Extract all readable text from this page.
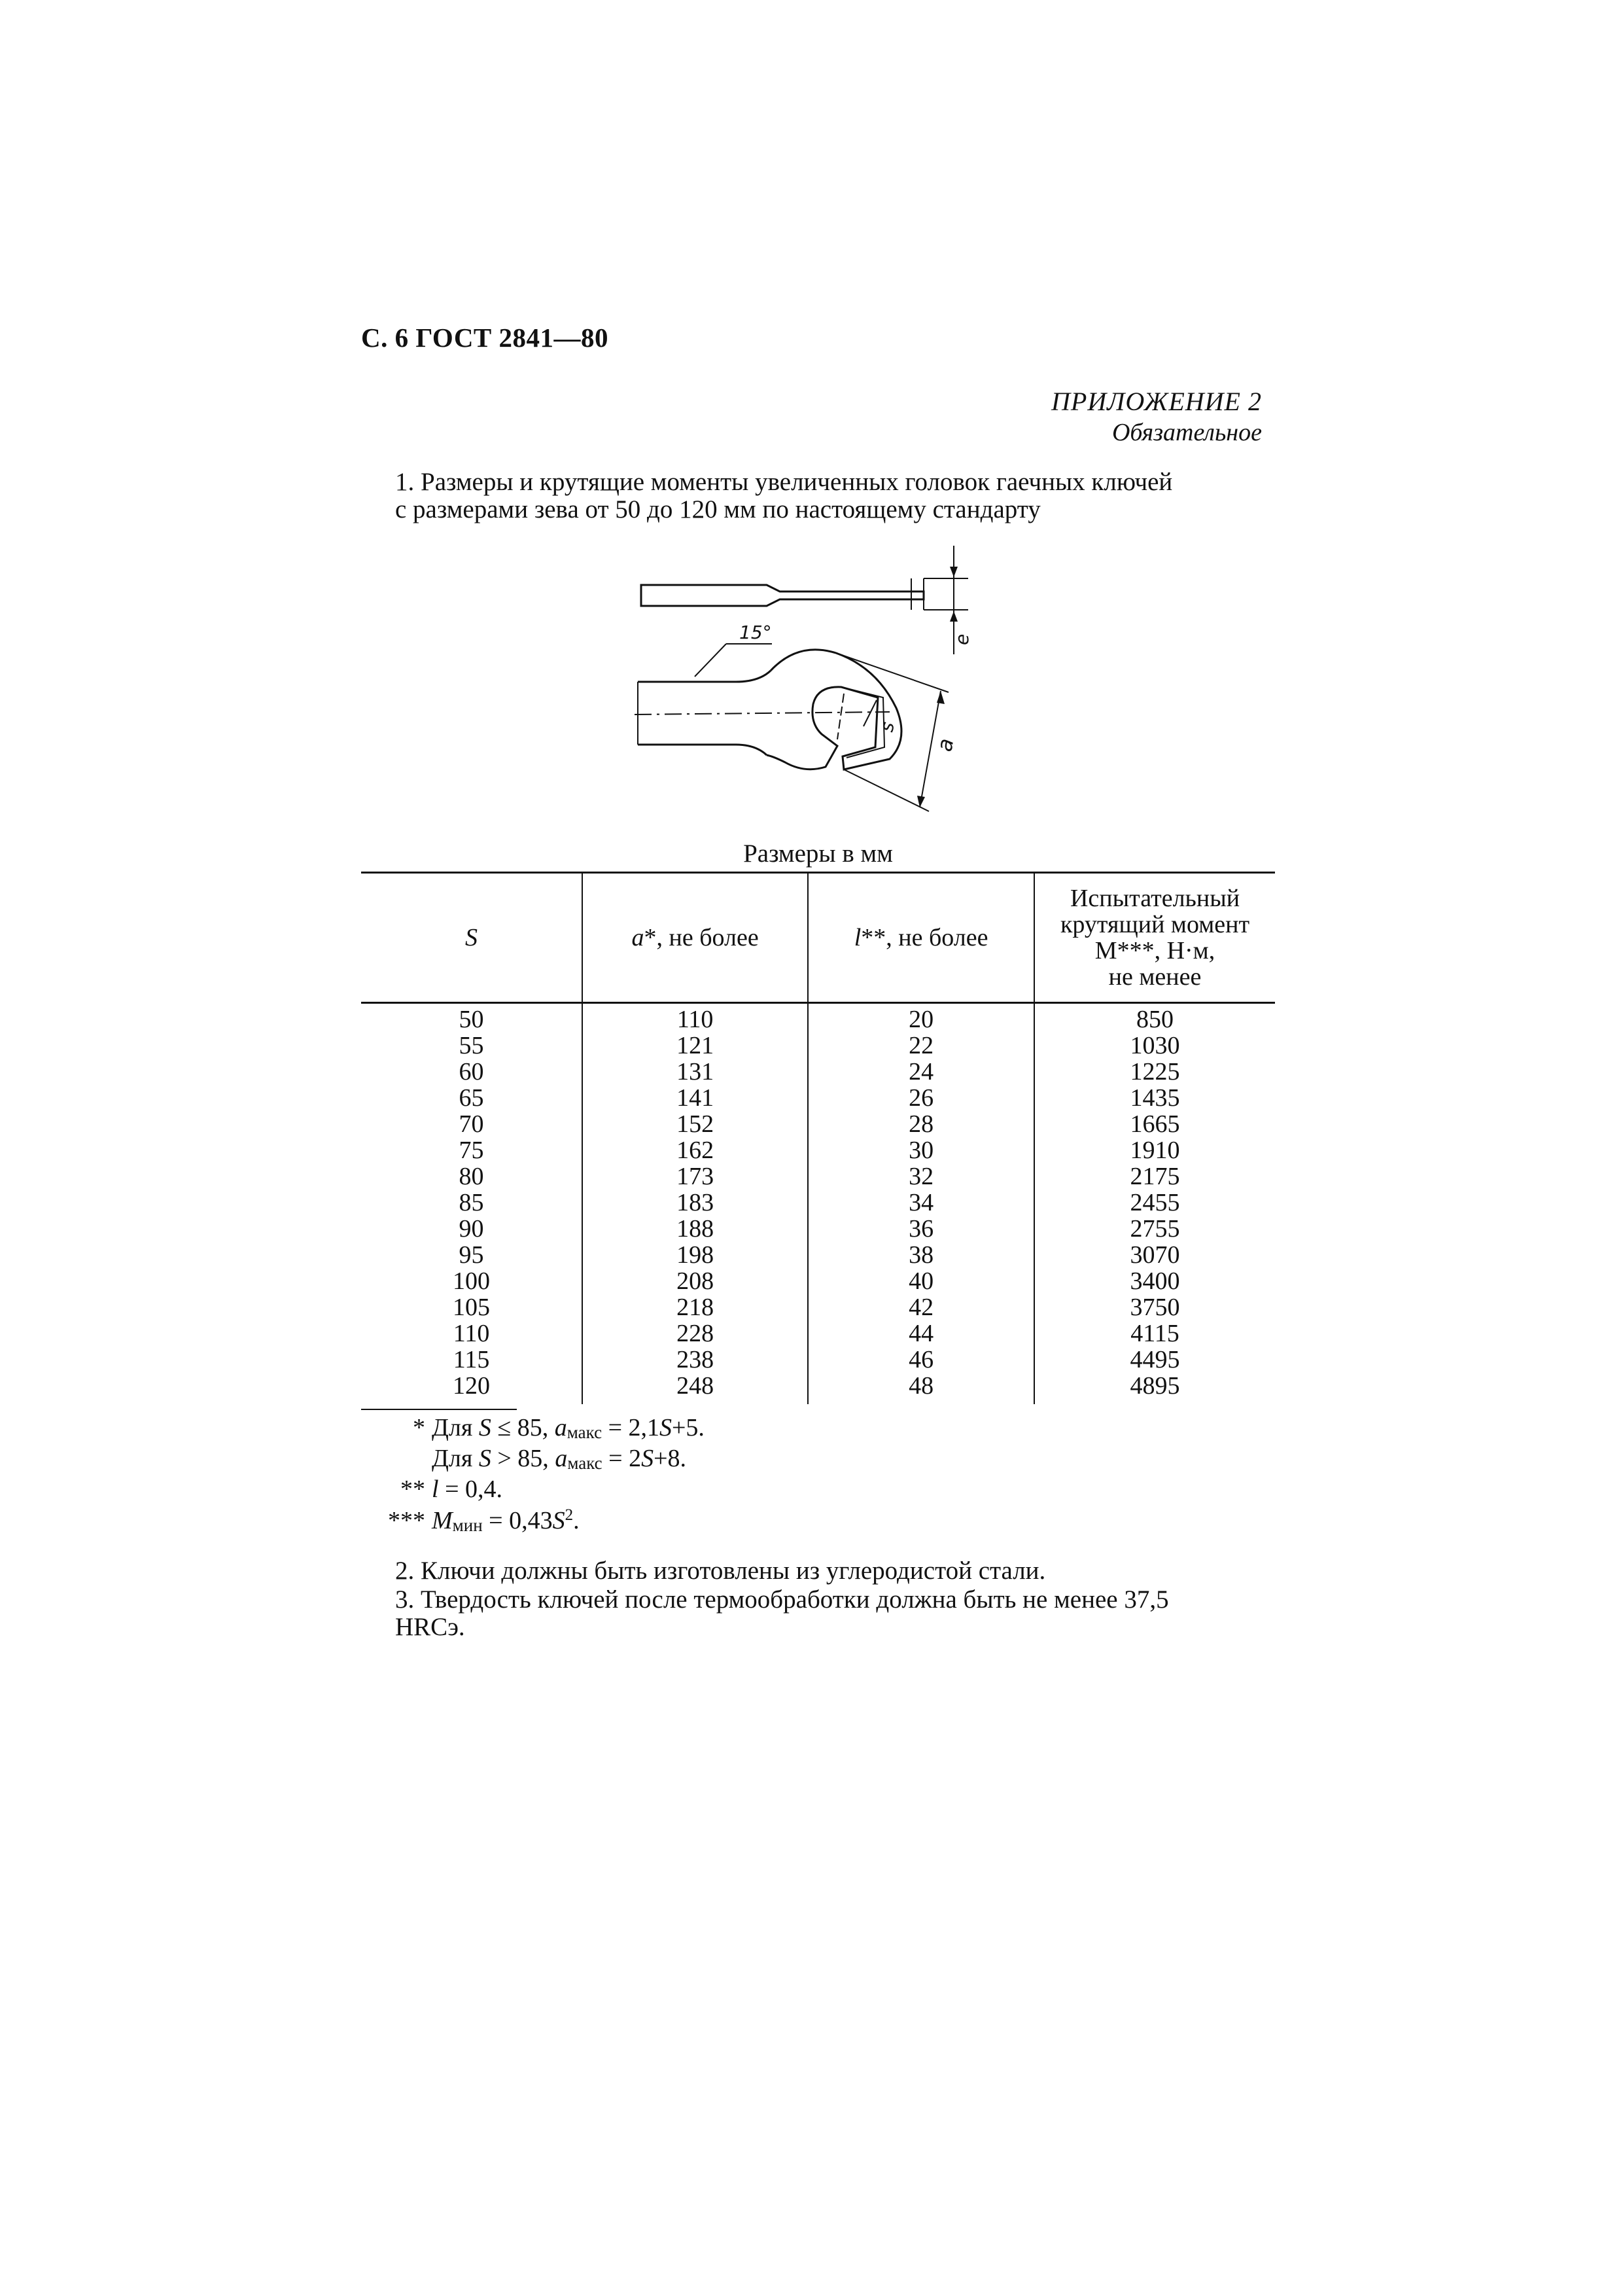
С. 6 ГОСТ 2841—80
ПРИЛОЖЕНИЕ 2
Обязательное
1. Размеры и крутящие моменты увеличенных головок гаечных ключей
с размерами зева от 50 до 120 мм по настоящему стандарту
15°	e
s
a
Размеры в мм
S	a*, не более	l**, не более	Испытательный
крутящий момент
М***, Н·м,
не менее

50	110	20	850
55	121	22	1030
60	131	24	1225
65	141	26	1435
70	152	28	1665
75	162	30	1910
80	173	32	2175
85	183	34	2455
90	188	36	2755
95	198	38	3070
100	208	40	3400
105	218	42	3750
110	228	44	4115
115	238	46	4495
120	248	48	4895
* Для S ≤ 85, $a_{макс} = 2,1S+5$.
Для S > 85, $a_{макс} = 2S+8$.
** l = 0,4.
*** $M_{мин} = 0,43S^2$.
2. Ключи должны быть изготовлены из углеродистой стали.
3. Твердость ключей после термообработки должна быть не менее 37,5
HRCэ.
